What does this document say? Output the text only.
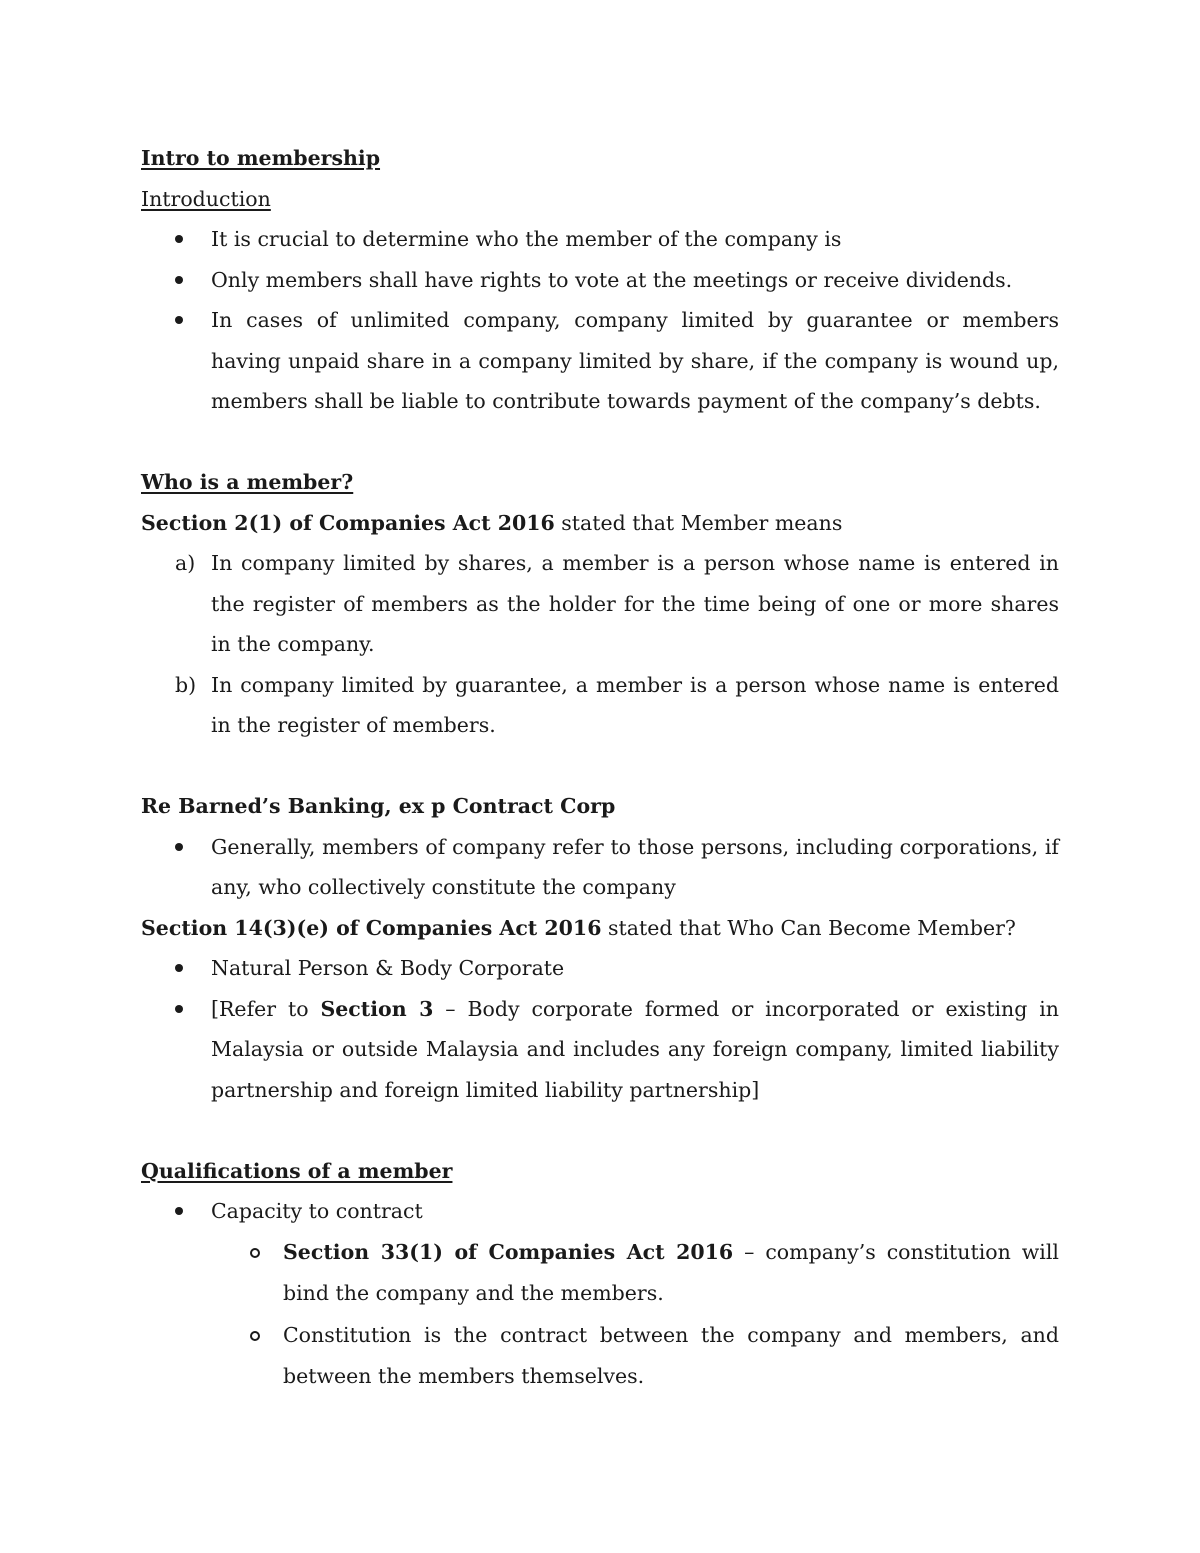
Intro to membership

Introduction

It is crucial to determine who the member of the company is
Only members shall have rights to vote at the meetings or receive dividends.
In cases of unlimited company, company limited by guarantee or members having unpaid share in a company limited by share, if the company is wound up, members shall be liable to contribute towards payment of the company’s debts.

Who is a member?

Section 2(1) of Companies Act 2016 stated that Member means

a) In company limited by shares, a member is a person whose name is entered in the register of members as the holder for the time being of one or more shares in the company.
b) In company limited by guarantee, a member is a person whose name is entered in the register of members.

Re Barned’s Banking, ex p Contract Corp

Generally, members of company refer to those persons, including corporations, if any, who collectively constitute the company

Section 14(3)(e) of Companies Act 2016 stated that Who Can Become Member?

Natural Person & Body Corporate
[Refer to Section 3 – Body corporate formed or incorporated or existing in Malaysia or outside Malaysia and includes any foreign company, limited liability partnership and foreign limited liability partnership]

Qualifications of a member

Capacity to contract
Section 33(1) of Companies Act 2016 – company’s constitution will bind the company and the members.
Constitution is the contract between the company and members, and between the members themselves.
